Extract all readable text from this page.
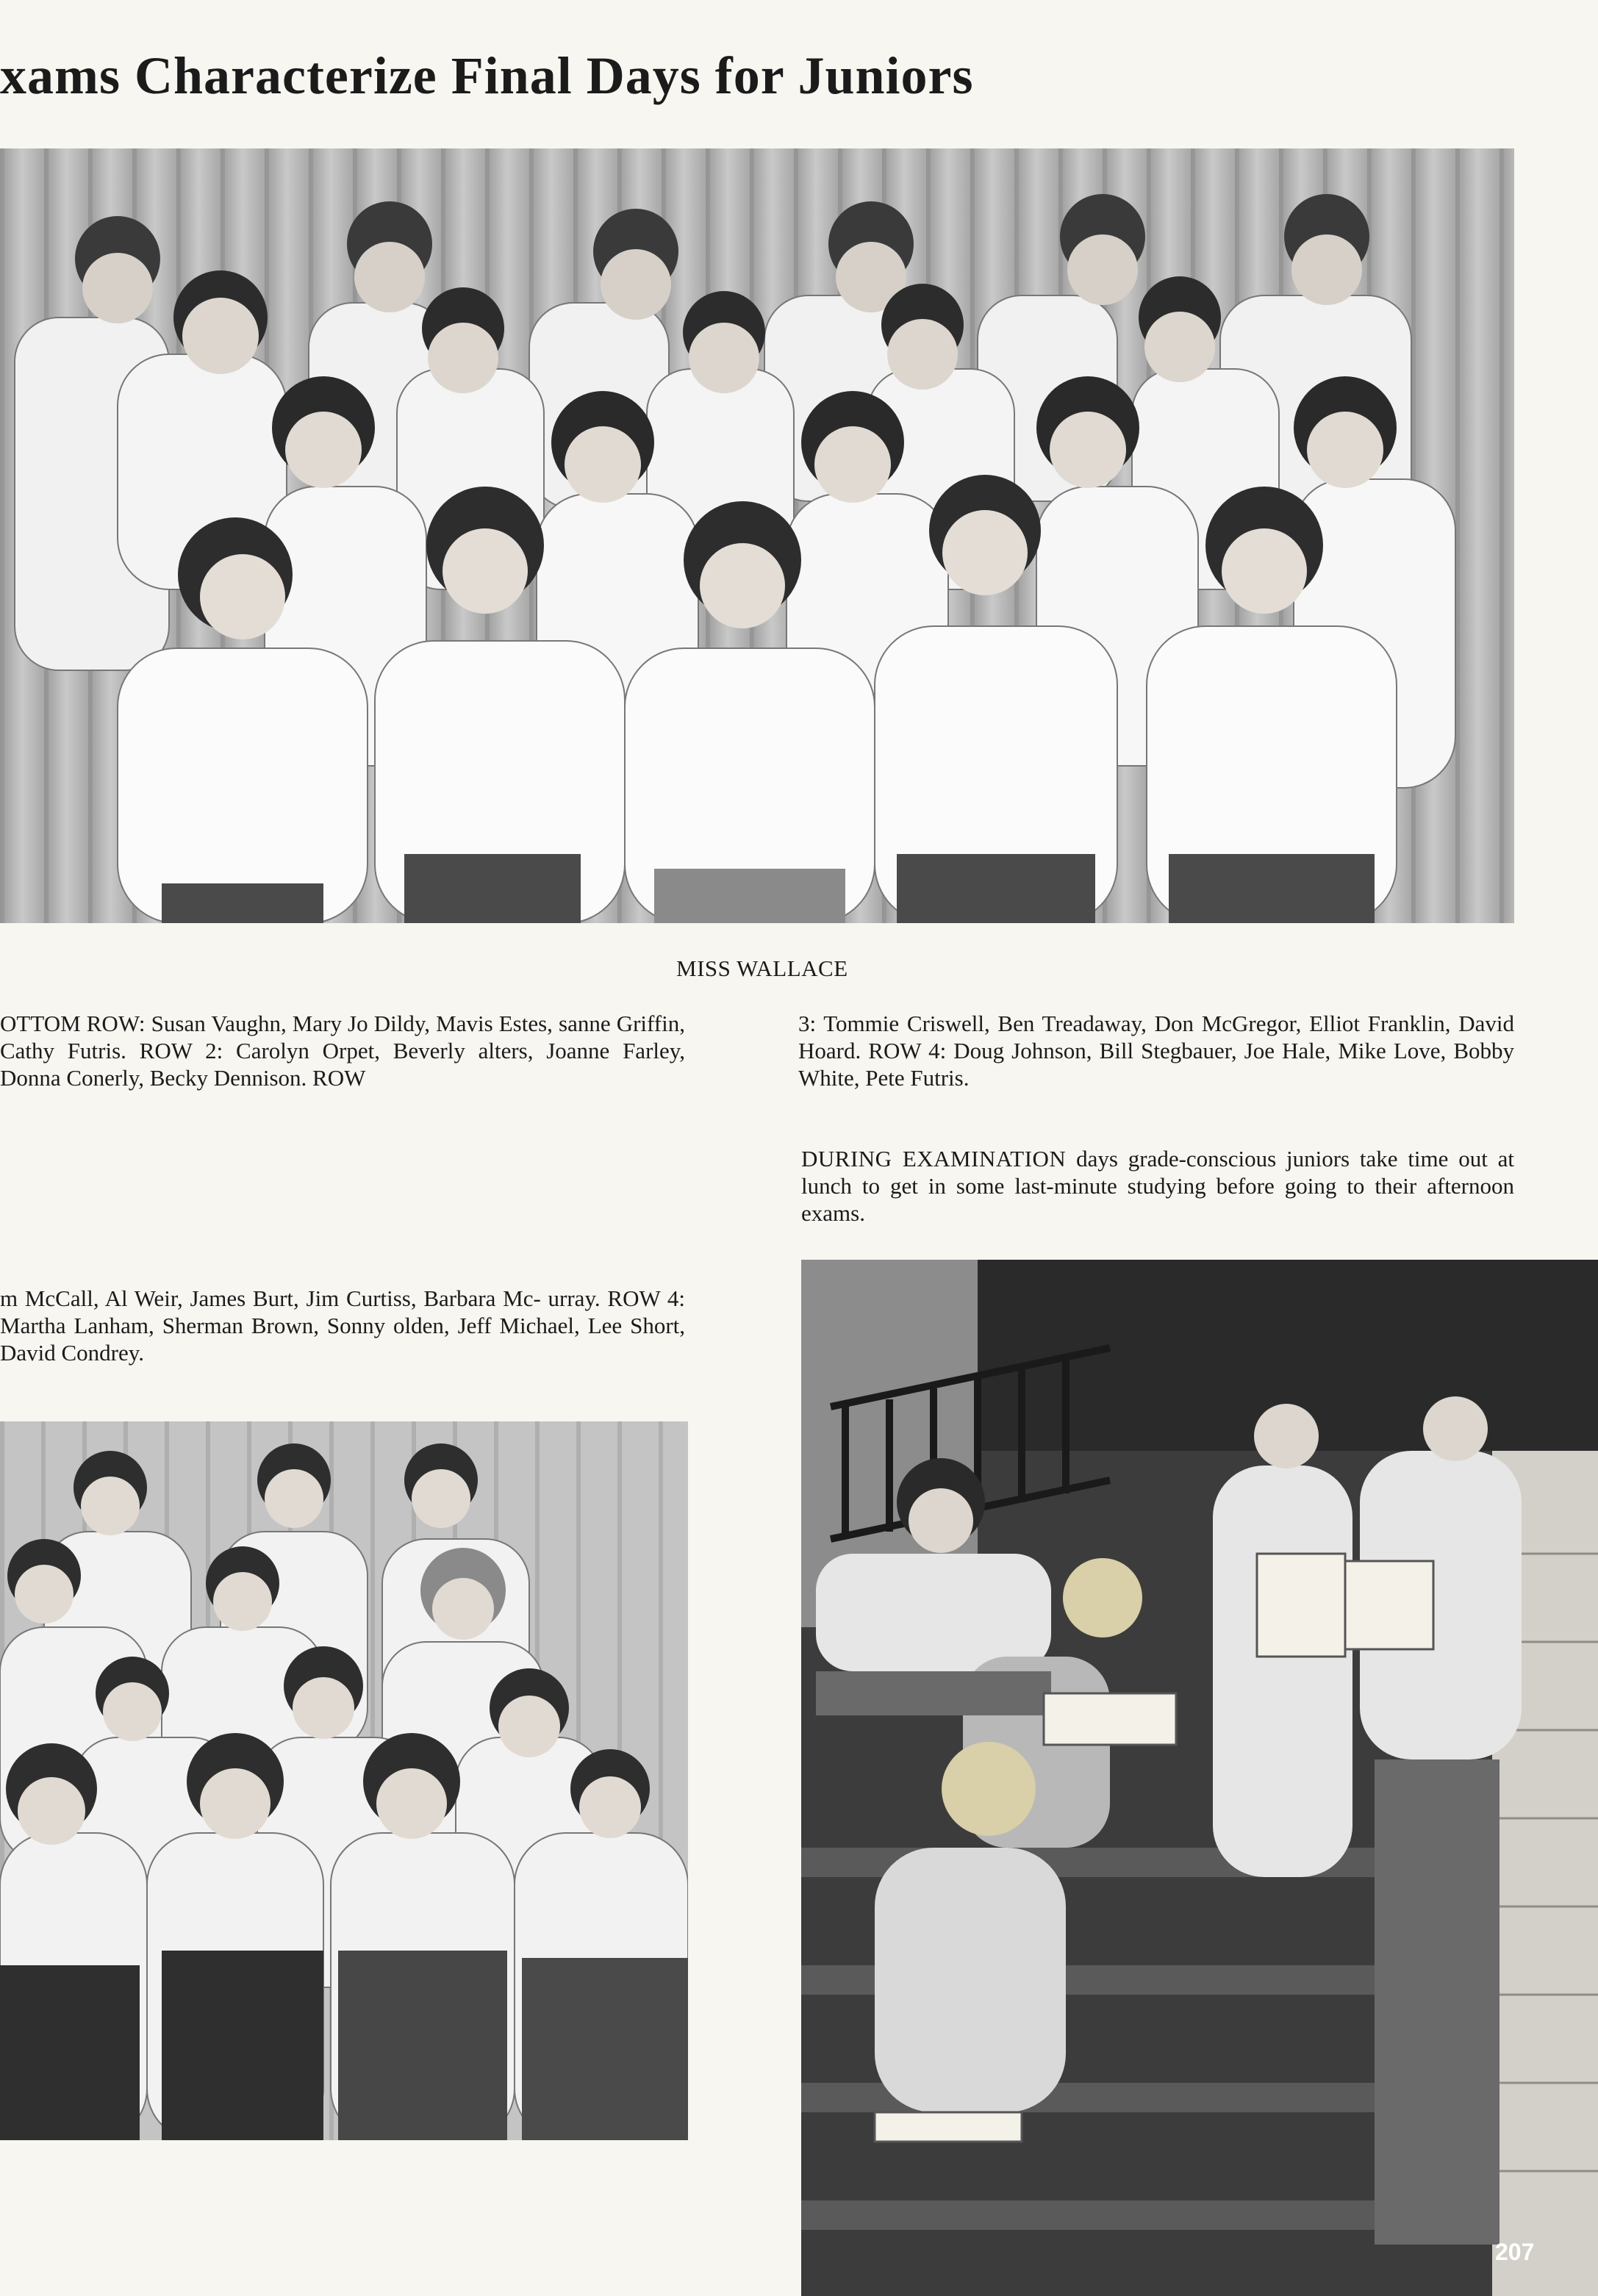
xams Characterize Final Days for Juniors
MISS WALLACE

OTTOM ROW: Susan Vaughn, Mary Jo Dildy, Mavis Estes, sanne Griffin, Cathy Futris. ROW 2: Carolyn Orpet, Beverly alters, Joanne Farley, Donna Conerly, Becky Dennison. ROW

3: Tommie Criswell, Ben Treadaway, Don McGregor, Elliot Franklin, David Hoard. ROW 4: Doug Johnson, Bill Stegbauer, Joe Hale, Mike Love, Bobby White, Pete Futris.

DURING EXAMINATION days grade-conscious juniors take time out at lunch to get in some last-minute studying before going to their afternoon exams.

m McCall, Al Weir, James Burt, Jim Curtiss, Barbara Mc- urray. ROW 4: Martha Lanham, Sherman Brown, Sonny olden, Jeff Michael, Lee Short, David Condrey.

207
